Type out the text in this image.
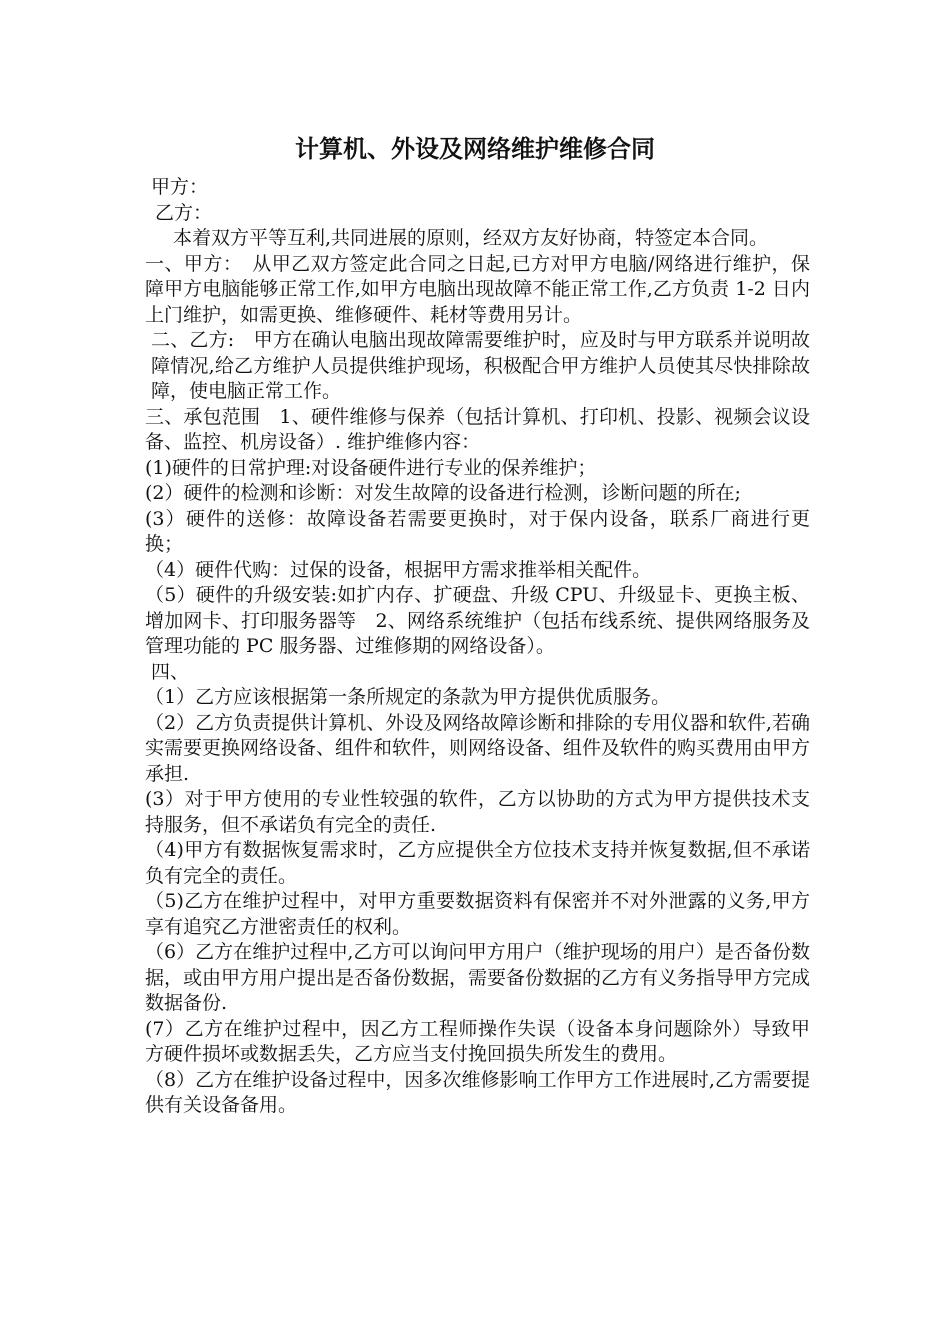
计算机、外设及网络维护维修合同

甲方：

乙方：

本着双方平等互利,共同进展的原则，经双方友好协商，特签定本合同。

一、甲方：　从甲乙双方签定此合同之日起,已方对甲方电脑/网络进行维护，保障甲方电脑能够正常工作,如甲方电脑出现故障不能正常工作,乙方负责 1-2 日内上门维护，如需更换、维修硬件、耗材等费用另计。

二、乙方:　甲方在确认电脑出现故障需要维护时，应及时与甲方联系并说明故障情况,给乙方维护人员提供维护现场，积极配合甲方维护人员使其尽快排除故障，使电脑正常工作。

三、承包范围　1、硬件维修与保养（包括计算机、打印机、投影、视频会议设备、监控、机房设备）. 维护维修内容：

(1)硬件的日常护理:对设备硬件进行专业的保养维护；

(2）硬件的检测和诊断：对发生故障的设备进行检测，诊断问题的所在;

(3）硬件的送修：故障设备若需要更换时，对于保内设备，联系厂商进行更换；

（4）硬件代购：过保的设备，根据甲方需求推举相关配件。

（5）硬件的升级安装:如扩内存、扩硬盘、升级 CPU、升级显卡、更换主板、增加网卡、打印服务器等　2、网络系统维护（包括布线系统、提供网络服务及管理功能的 PC 服务器、过维修期的网络设备）。

四、

（1）乙方应该根据第一条所规定的条款为甲方提供优质服务。

（2）乙方负责提供计算机、外设及网络故障诊断和排除的专用仪器和软件,若确实需要更换网络设备、组件和软件，则网络设备、组件及软件的购买费用由甲方承担.

(3）对于甲方使用的专业性较强的软件，乙方以协助的方式为甲方提供技术支持服务，但不承诺负有完全的责任.

（4)甲方有数据恢复需求时，乙方应提供全方位技术支持并恢复数据,但不承诺负有完全的责任。

（5)乙方在维护过程中，对甲方重要数据资料有保密并不对外泄露的义务,甲方享有追究乙方泄密责任的权利。

（6）乙方在维护过程中,乙方可以询问甲方用户（维护现场的用户）是否备份数据，或由甲方用户提出是否备份数据，需要备份数据的乙方有义务指导甲方完成数据备份.

(7）乙方在维护过程中，因乙方工程师操作失误（设备本身问题除外）导致甲方硬件损坏或数据丢失，乙方应当支付挽回损失所发生的费用。

（8）乙方在维护设备过程中，因多次维修影响工作甲方工作进展时,乙方需要提供有关设备备用。
